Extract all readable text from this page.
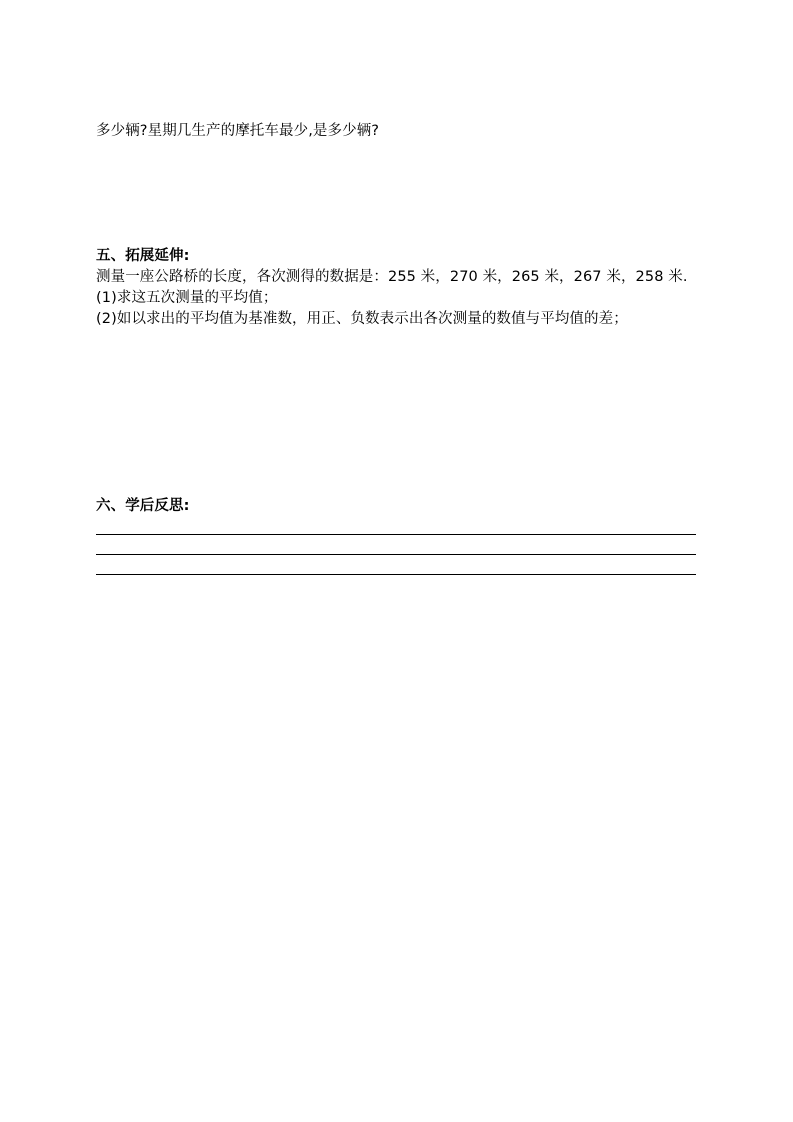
多少辆?星期几生产的摩托车最少,是多少辆?
五、拓展延伸:
测量一座公路桥的长度，各次测得的数据是：255 米，270 米，265 米，267 米，258 米.
(1)求这五次测量的平均值；
(2)如以求出的平均值为基准数，用正、负数表示出各次测量的数值与平均值的差；
六、学后反思:
